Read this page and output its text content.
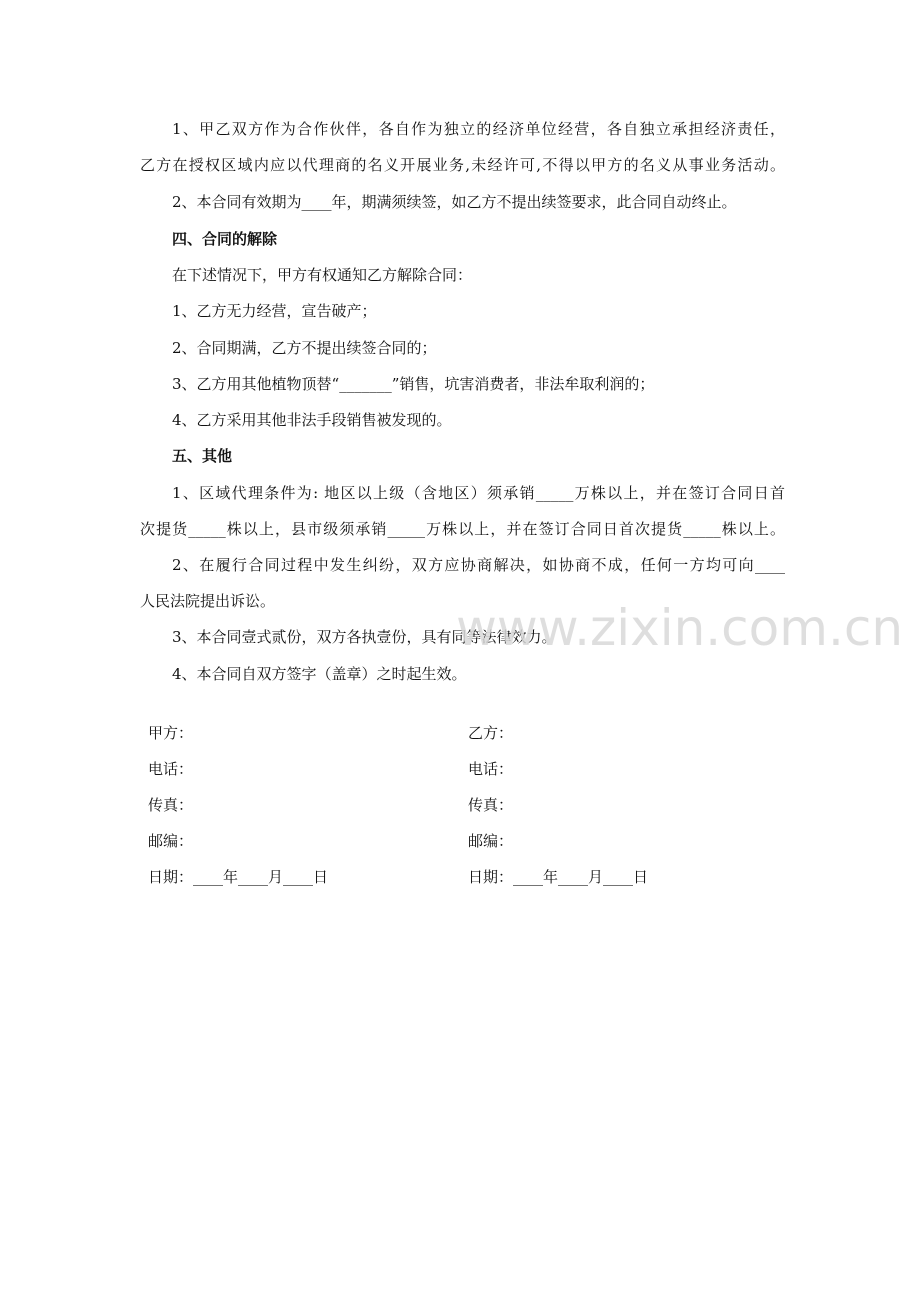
1、甲乙双方作为合作伙伴，各自作为独立的经济单位经营，各自独立承担经济责任，
乙方在授权区域内应以代理商的名义开展业务,未经许可,不得以甲方的名义从事业务活动。
2、本合同有效期为____年，期满须续签，如乙方不提出续签要求，此合同自动终止。
四、合同的解除
在下述情况下，甲方有权通知乙方解除合同：
1、乙方无力经营，宣告破产；
2、合同期满，乙方不提出续签合同的；
3、乙方用其他植物顶替“_______”销售，坑害消费者，非法牟取利润的；
4、乙方采用其他非法手段销售被发现的。
五、其他
1、区域代理条件为: 地区以上级（含地区）须承销_____万株以上，并在签订合同日首
次提货_____株以上，县市级须承销_____万株以上，并在签订合同日首次提货_____株以上。
2、在履行合同过程中发生纠纷，双方应协商解决，如协商不成，任何一方均可向____
人民法院提出诉讼。
3、本合同壹式贰份，双方各执壹份，具有同等法律效力。
4、本合同自双方签字（盖章）之时起生效。
甲方：
电话：
传真：
邮编：
日期：____年____月____日
乙方：
电话：
传真：
邮编：
日期：____年____月____日
www.zixin.com.cn
